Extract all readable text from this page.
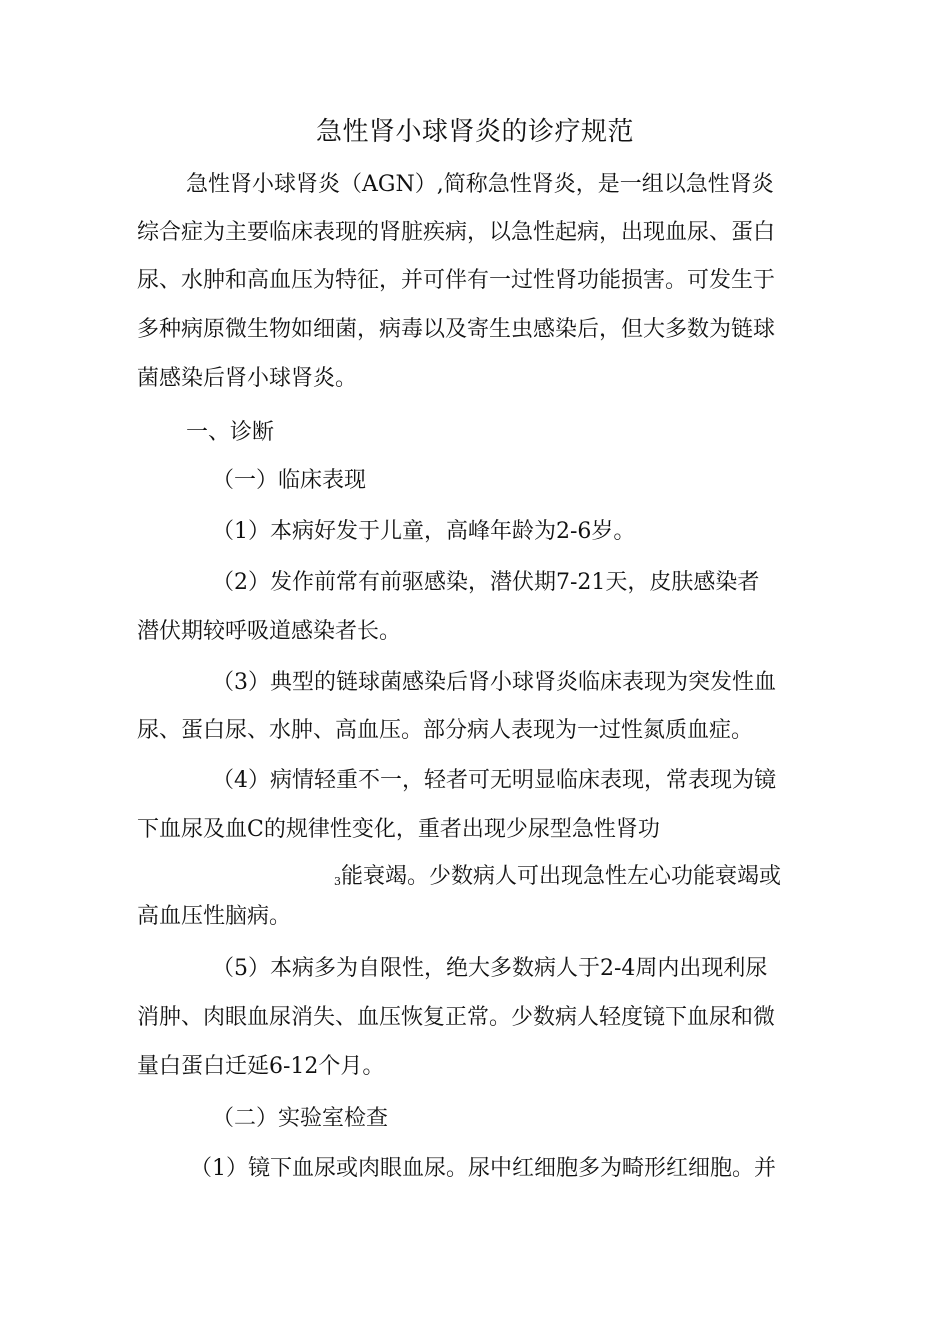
急性肾小球肾炎的诊疗规范
急性肾小球肾炎（AGN）,简称急性肾炎，是一组以急性肾炎
综合症为主要临床表现的肾脏疾病，以急性起病，出现血尿、蛋白
尿、水肿和高血压为特征，并可伴有一过性肾功能损害。可发生于
多种病原微生物如细菌，病毒以及寄生虫感染后，但大多数为链球
菌感染后肾小球肾炎。
一、诊断
（一）临床表现
（1）本病好发于儿童，高峰年龄为2-6岁。
（2）发作前常有前驱感染，潜伏期7-21天，皮肤感染者
潜伏期较呼吸道感染者长。
（3）典型的链球菌感染后肾小球肾炎临床表现为突发性血
尿、蛋白尿、水肿、高血压。部分病人表现为一过性氮质血症。
（4）病情轻重不一，轻者可无明显临床表现，常表现为镜
下血尿及血C的规律性变化，重者出现少尿型急性肾功
3能衰竭。少数病人可出现急性左心功能衰竭或
高血压性脑病。
（5）本病多为自限性，绝大多数病人于2-4周内出现利尿
消肿、肉眼血尿消失、血压恢复正常。少数病人轻度镜下血尿和微
量白蛋白迁延6-12个月。
（二）实验室检查
（1）镜下血尿或肉眼血尿。尿中红细胞多为畸形红细胞。并
